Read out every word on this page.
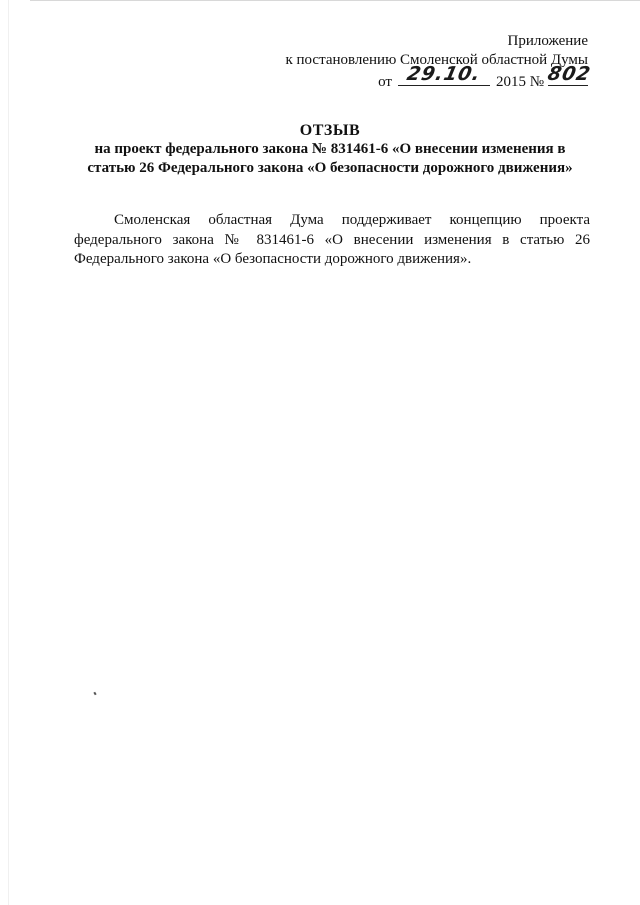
Приложение
к постановлению Смоленской областной Думы
от 29.10. 2015 № 802
ОТЗЫВ
на проект федерального закона № 831461-6 «О внесении изменения в
статью 26 Федерального закона «О безопасности дорожного движения»
Смоленская областная Дума поддерживает концепцию проекта федерального закона № 831461-6 «О внесении изменения в статью 26 Федерального закона «О безопасности дорожного движения».
